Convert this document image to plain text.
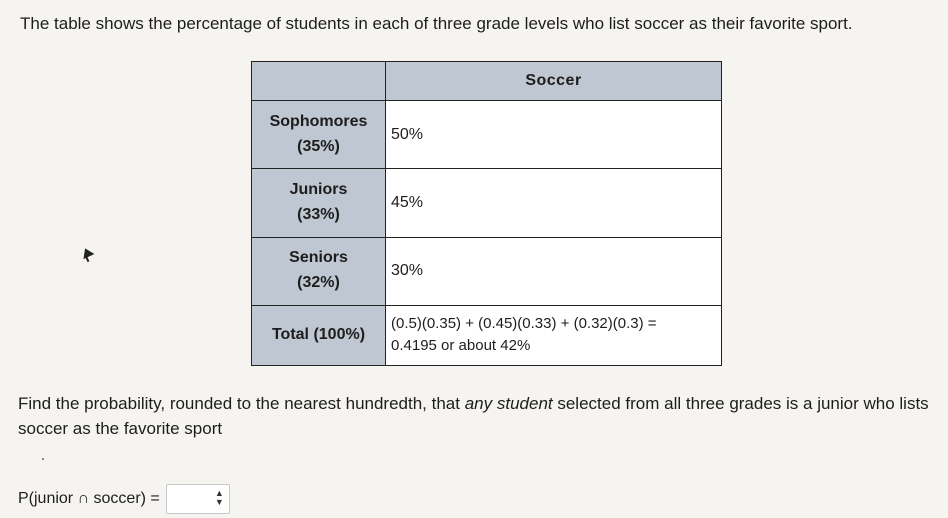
The table shows the percentage of students in each of three grade levels who list soccer as their favorite sport.
	Soccer

Sophomores
(35%)	50%

Juniors
(33%)	45%

Seniors
(32%)	30%
Total (100%)	(0.5)(0.35) + (0.45)(0.33) + (0.32)(0.3) =
0.4195 or about 42%
Find the probability, rounded to the nearest hundredth, that any student selected from all three grades is a junior who lists soccer as the favorite sport
P(junior ∩ soccer) =	▲
▼
